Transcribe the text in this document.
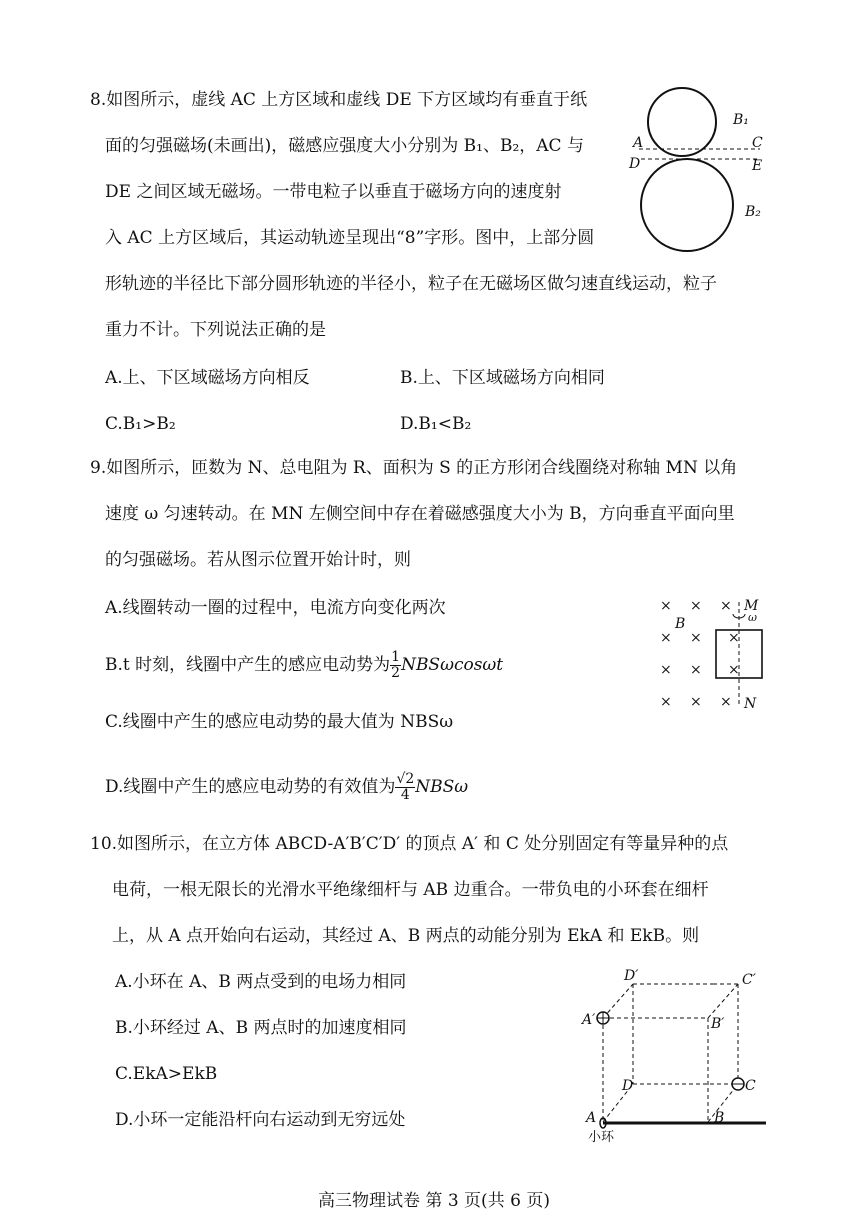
8.如图所示，虚线 AC 上方区域和虚线 DE 下方区域均有垂直于纸
面的匀强磁场(未画出)，磁感应强度大小分别为 B₁、B₂，AC 与
DE 之间区域无磁场。一带电粒子以垂直于磁场方向的速度射
入 AC 上方区域后，其运动轨迹呈现出“8”字形。图中，上部分圆
形轨迹的半径比下部分圆形轨迹的半径小，粒子在无磁场区做匀速直线运动，粒子
重力不计。下列说法正确的是
A.上、下区域磁场方向相反	B.上、下区域磁场方向相同
C.B₁>B₂	D.B₁<B₂
B₁
A	C
D	E
B₂
9.如图所示，匝数为 N、总电阻为 R、面积为 S 的正方形闭合线圈绕对称轴 MN 以角
速度 ω 匀速转动。在 MN 左侧空间中存在着磁感强度大小为 B，方向垂直平面向里
的匀强磁场。若从图示位置开始计时，则
A.线圈转动一圈的过程中，电流方向变化两次
B.t 时刻，线圈中产生的感应电动势为 $\frac{1}{2}$ NBSωcosωt
C.线圈中产生的感应电动势的最大值为 NBSω
D.线圈中产生的感应电动势的有效值为 $\frac{√2}{4}$ NBSω
× × ×
× × ×
× × ×
× × ×
M
ω
B
N
10.如图所示，在立方体 ABCD-A′B′C′D′ 的顶点 A′ 和 C 处分别固定有等量异种的点
电荷，一根无限长的光滑水平绝缘细杆与 AB 边重合。一带负电的小环套在细杆
上，从 A 点开始向右运动，其经过 A、B 两点的动能分别为 EkA 和 EkB。则
A.小环在 A、B 两点受到的电场力相同
B.小环经过 A、B 两点时的加速度相同
C.EkA>EkB
D.小环一定能沿杆向右运动到无穷远处
D′	C′
A′	B′
D	C
A	B
小环
高三物理试卷 第 3 页(共 6 页)
